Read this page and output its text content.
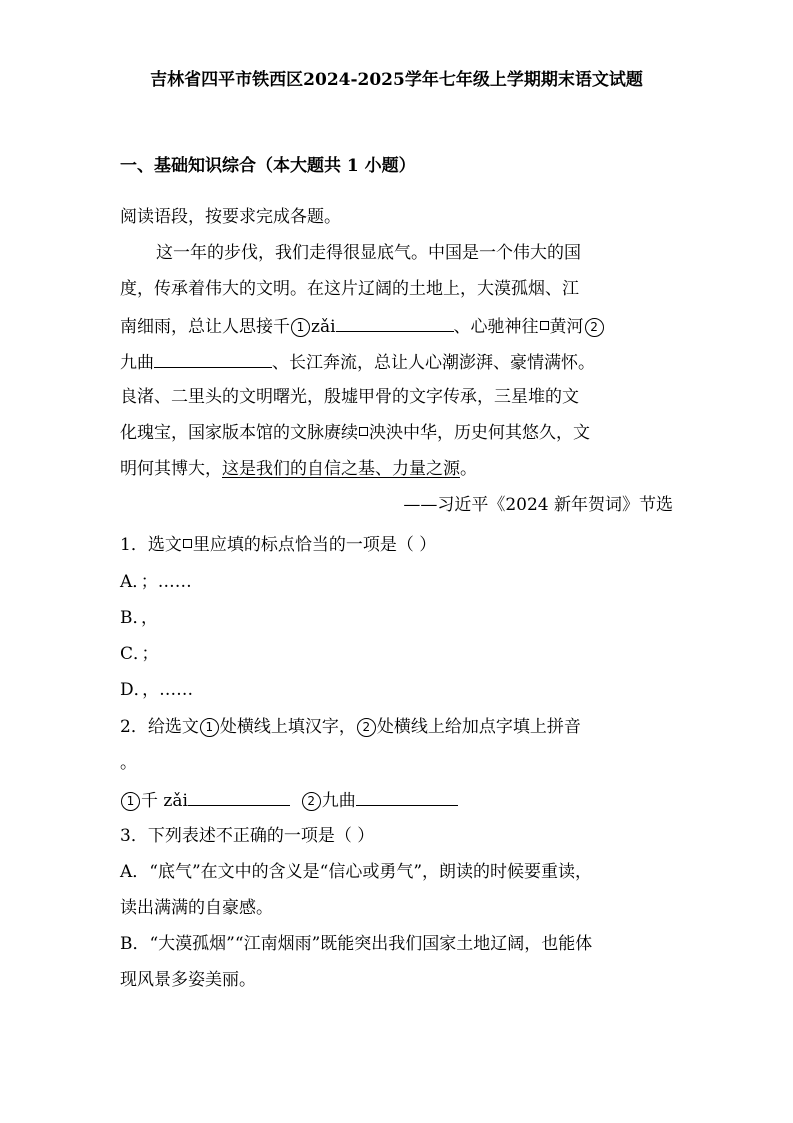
吉林省四平市铁西区2024-2025学年七年级上学期期末语文试题
一、基础知识综合（本大题共 1 小题）
阅读语段，按要求完成各题。
这一年的步伐，我们走得很显底气。中国是一个伟大的国
度，传承着伟大的文明。在这片辽阔的土地上，大漠孤烟、江
南细雨，总让人思接千 1 zǎi	、心驰神往 黄河 2
九曲	、长江奔流，总让人心潮澎湃、豪情满怀。
良渚、二里头的文明曙光，殷墟甲骨的文字传承，三星堆的文
化瑰宝，国家版本馆的文脉赓续 泱泱中华，历史何其悠久，文
明何其博大，这是我们的自信之基、力量之源。
——习近平《2024 新年贺词》节选
1．选文 里应填的标点恰当的一项是（ ）
A．；……
B．，
C．；
D．，……
2．给选文 1 处横线上填汉字， 2 处横线上给加点字填上拼音
。
1 千 zǎi	2 九曲
3．下列表述不正确的一项是（ ）
A．“底气”在文中的含义是“信心或勇气”，朗读的时候要重读，
读出满满的自豪感。
B．“大漠孤烟”“江南烟雨”既能突出我们国家土地辽阔，也能体
现风景多姿美丽。
